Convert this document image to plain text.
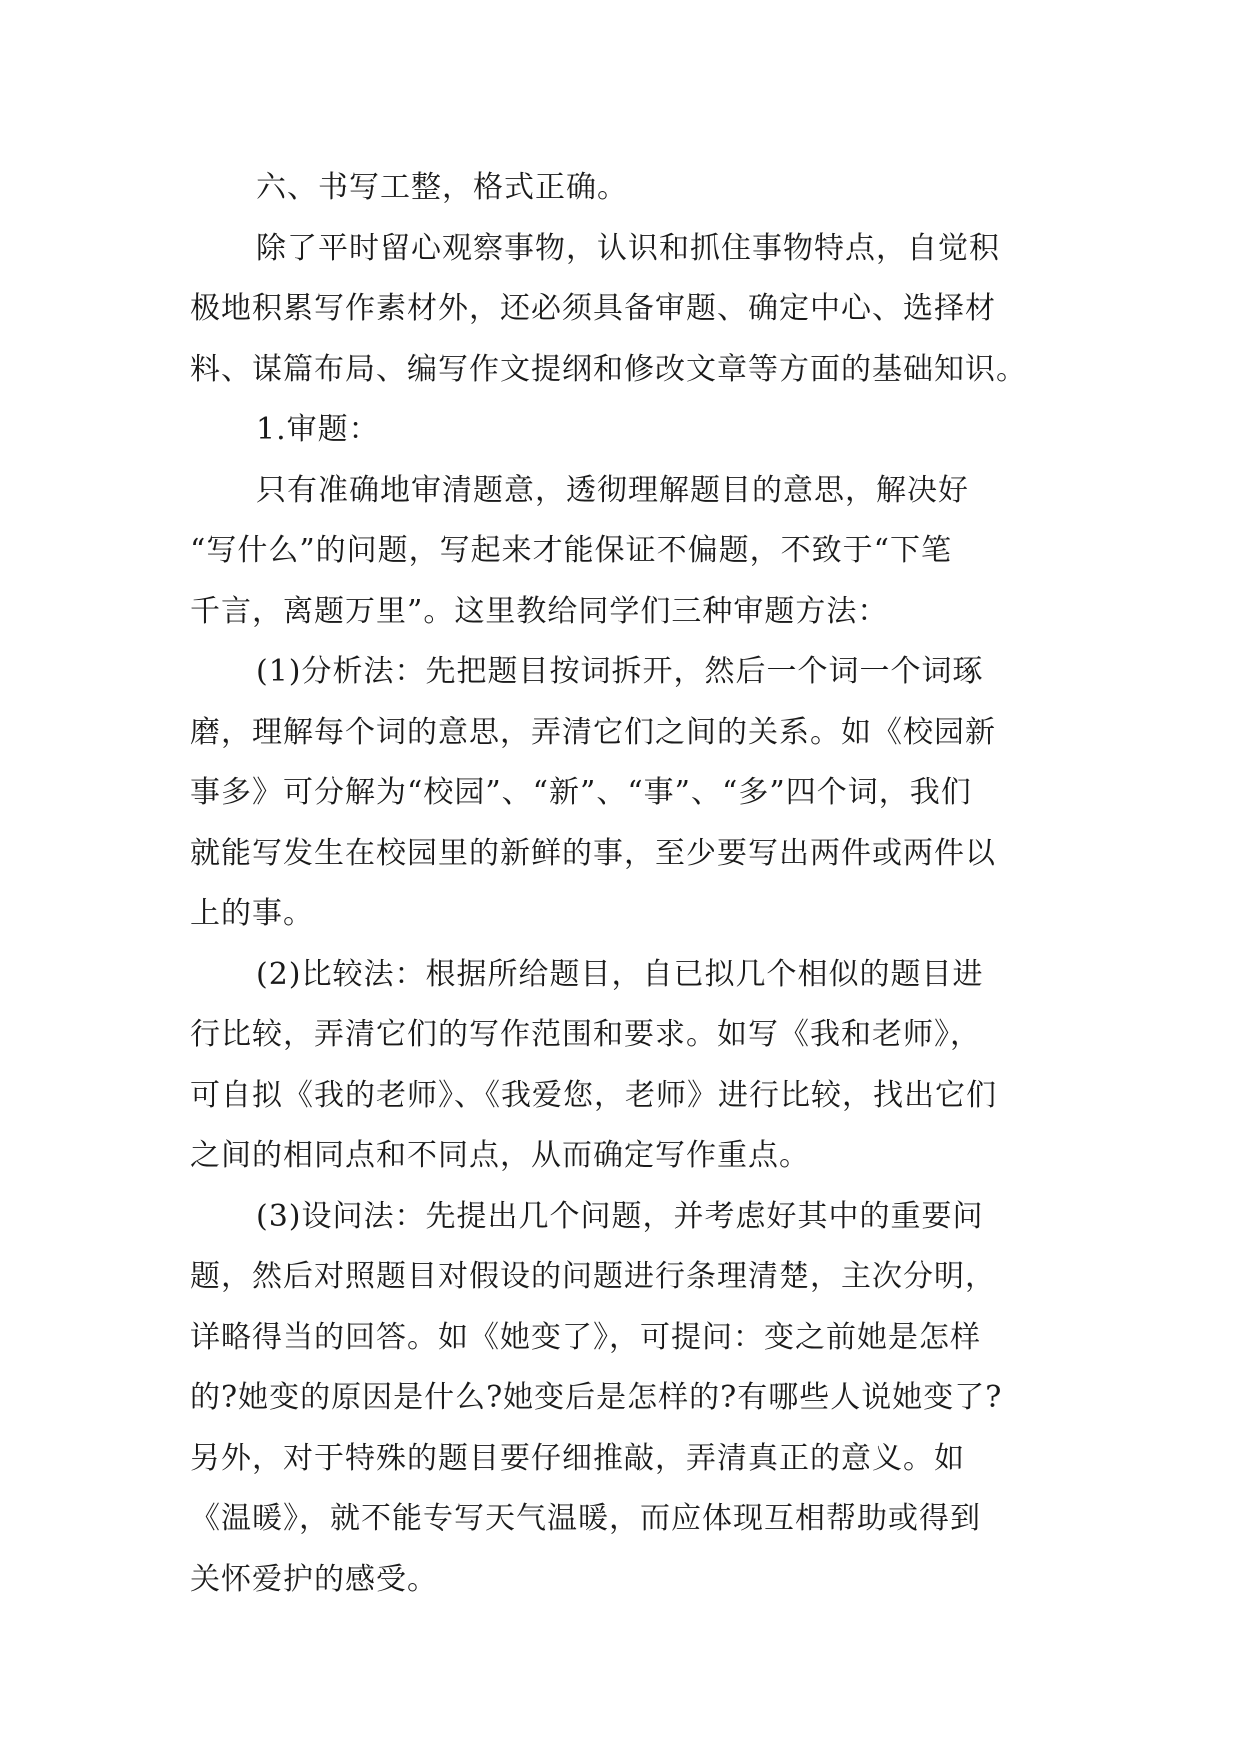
六、书写工整，格式正确。
除了平时留心观察事物，认识和抓住事物特点，自觉积
极地积累写作素材外，还必须具备审题、确定中心、选择材
料、谋篇布局、编写作文提纲和修改文章等方面的基础知识。
1.审题：
只有准确地审清题意，透彻理解题目的意思，解决好
“写什么”的问题，写起来才能保证不偏题，不致于“下笔
千言，离题万里”。这里教给同学们三种审题方法：
(1)分析法：先把题目按词拆开，然后一个词一个词琢
磨，理解每个词的意思，弄清它们之间的关系。如《校园新
事多》可分解为“校园”、“新”、“事”、“多”四个词，我们
就能写发生在校园里的新鲜的事，至少要写出两件或两件以
上的事。
(2)比较法：根据所给题目，自已拟几个相似的题目进
行比较，弄清它们的写作范围和要求。如写《我和老师》，
可自拟《我的老师》、《我爱您，老师》进行比较，找出它们
之间的相同点和不同点，从而确定写作重点。
(3)设问法：先提出几个问题，并考虑好其中的重要问
题，然后对照题目对假设的问题进行条理清楚，主次分明，
详略得当的回答。如《她变了》，可提问：变之前她是怎样
的?她变的原因是什么?她变后是怎样的?有哪些人说她变了?
另外，对于特殊的题目要仔细推敲，弄清真正的意义。如
《温暖》，就不能专写天气温暖，而应体现互相帮助或得到
关怀爱护的感受。
